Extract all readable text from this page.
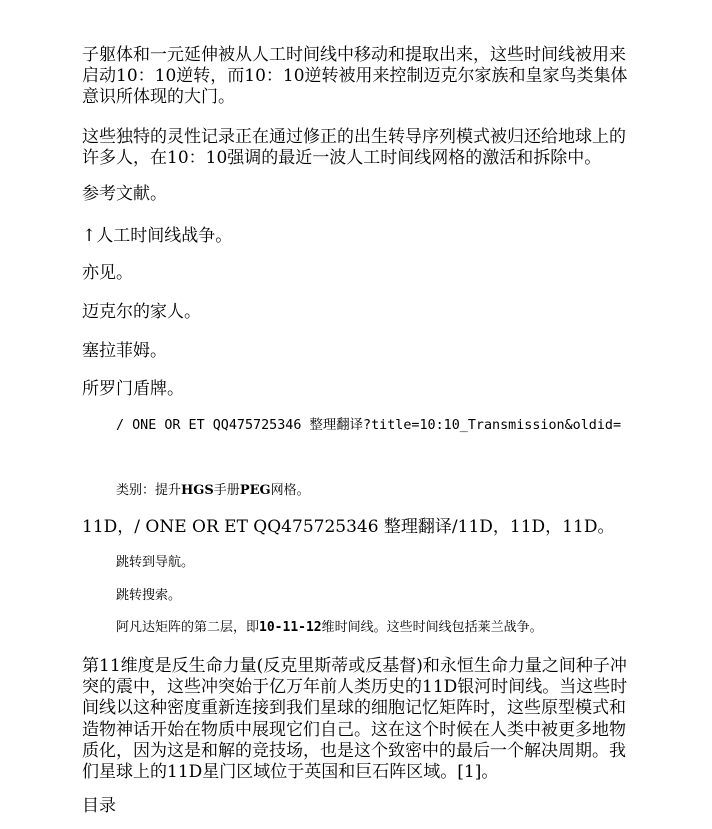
子躯体和一元延伸被从人工时间线中移动和提取出来，这些时间线被用来启动10：10逆转，而10：10逆转被用来控制迈克尔家族和皇家鸟类集体意识所体现的大门。

这些独特的灵性记录正在通过修正的出生转导序列模式被归还给地球上的许多人，在10：10强调的最近一波人工时间线网格的激活和拆除中。

参考文献。
↑人工时间线战争。
亦见。
迈克尔的家人。
塞拉菲姆。
所罗门盾牌。
/ ONE OR ET QQ475725346 整理翻译?title=10:10_Transmission&oldid=
类别：提升HGS手册PEG网格。
11D，/ ONE OR ET QQ475725346 整理翻译/11D，11D，11D。
跳转到导航。
跳转搜索。
阿凡达矩阵的第二层，即10-11-12维时间线。这些时间线包括莱兰战争。

第11维度是反生命力量(反克里斯蒂或反基督)和永恒生命力量之间种子冲突的震中，这些冲突始于亿万年前人类历史的11D银河时间线。当这些时间线以这种密度重新连接到我们星球的细胞记忆矩阵时，这些原型模式和造物神话开始在物质中展现它们自己。这在这个时候在人类中被更多地物质化，因为这是和解的竞技场，也是这个致密中的最后一个解决周期。我们星球上的11D星门区域位于英国和巨石阵区域。[1]。

目录
